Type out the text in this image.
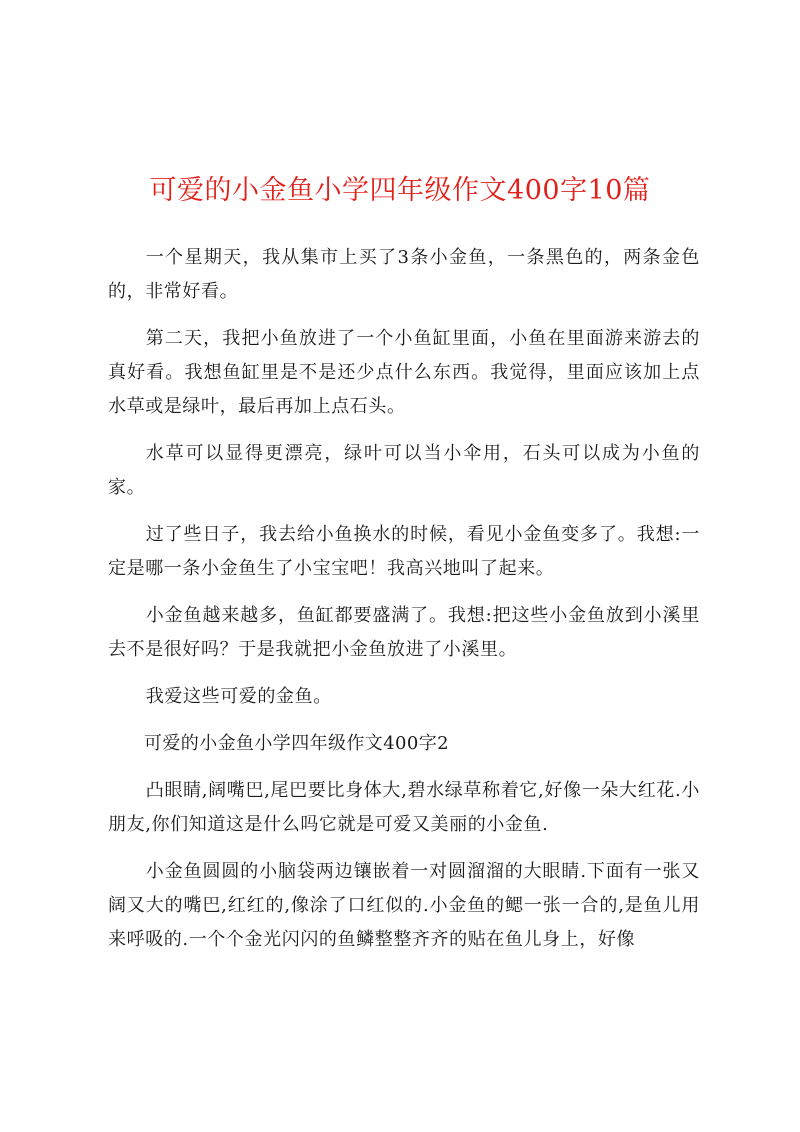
可爱的小金鱼小学四年级作文400字10篇

一个星期天，我从集市上买了3条小金鱼，一条黑色的，两条金色的，非常好看。

第二天，我把小鱼放进了一个小鱼缸里面，小鱼在里面游来游去的真好看。我想鱼缸里是不是还少点什么东西。我觉得，里面应该加上点水草或是绿叶，最后再加上点石头。

水草可以显得更漂亮，绿叶可以当小伞用，石头可以成为小鱼的家。

过了些日子，我去给小鱼换水的时候，看见小金鱼变多了。我想:一定是哪一条小金鱼生了小宝宝吧！我高兴地叫了起来。

小金鱼越来越多，鱼缸都要盛满了。我想:把这些小金鱼放到小溪里去不是很好吗？于是我就把小金鱼放进了小溪里。

我爱这些可爱的金鱼。

可爱的小金鱼小学四年级作文400字2

凸眼睛,阔嘴巴,尾巴要比身体大,碧水绿草称着它,好像一朵大红花.小朋友,你们知道这是什么吗它就是可爱又美丽的小金鱼.

小金鱼圆圆的小脑袋两边镶嵌着一对圆溜溜的大眼睛.下面有一张又阔又大的嘴巴,红红的,像涂了口红似的.小金鱼的鳃一张一合的,是鱼儿用来呼吸的.一个个金光闪闪的鱼鳞整整齐齐的贴在鱼儿身上，好像
